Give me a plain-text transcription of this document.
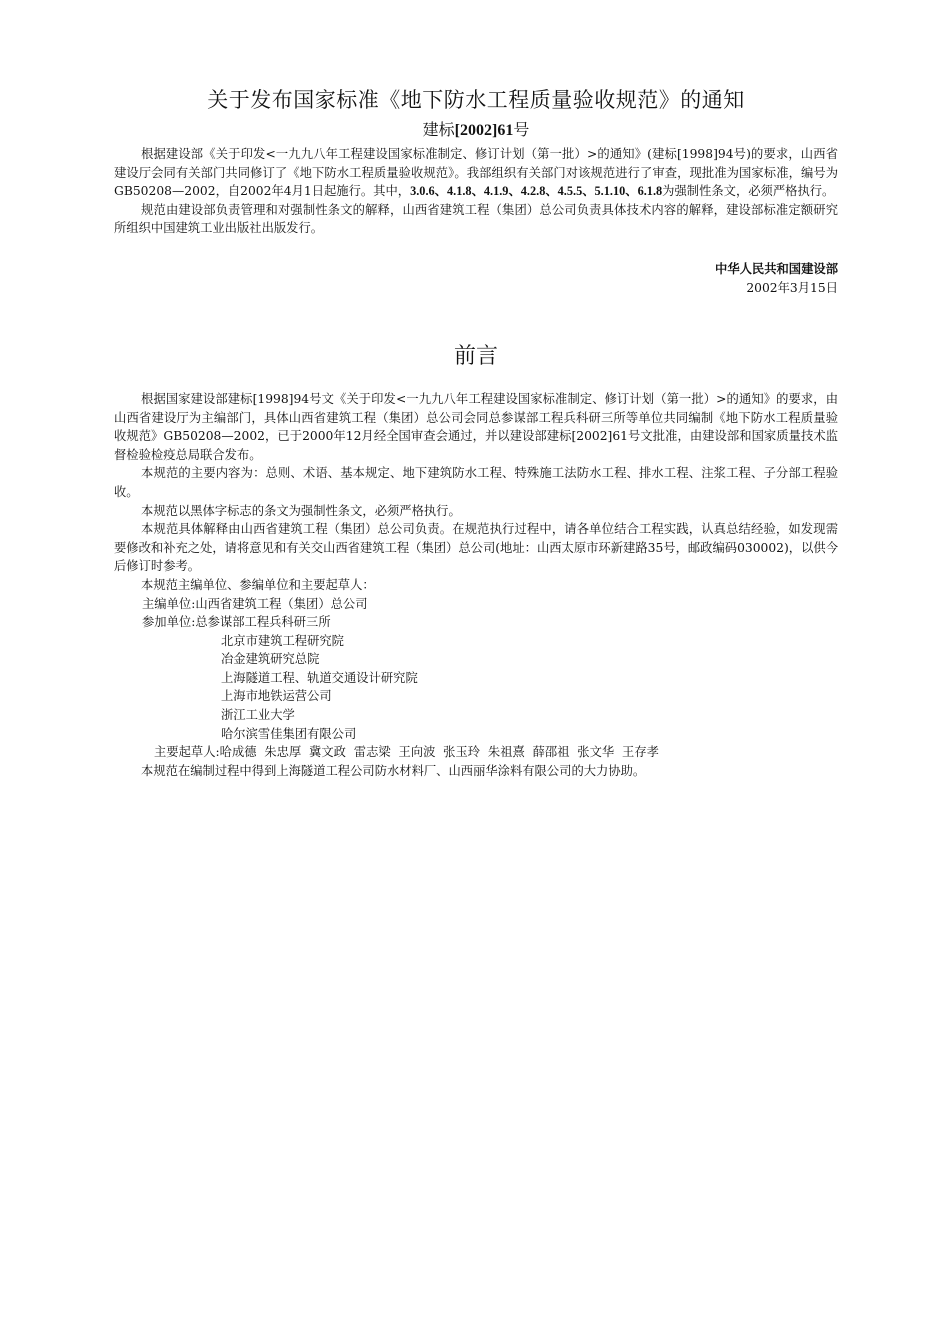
关于发布国家标准《地下防水工程质量验收规范》的通知
建标[2002]61号

根据建设部《关于印发<一九九八年工程建设国家标准制定、修订计划（第一批）>的通知》(建标[1998]94号)的要求，山西省建设厅会同有关部门共同修订了《地下防水工程质量验收规范》。我部组织有关部门对该规范进行了审查，现批准为国家标准，编号为GB50208—2002，自2002年4月1日起施行。其中，3.0.6、4.1.8、4.1.9、4.2.8、4.5.5、5.1.10、6.1.8为强制性条文，必须严格执行。

规范由建设部负责管理和对强制性条文的解释，山西省建筑工程（集团）总公司负责具体技术内容的解释，建设部标准定额研究所组织中国建筑工业出版社出版发行。

中华人民共和国建设部
2002年3月15日
前言

根据国家建设部建标[1998]94号文《关于印发<一九九八年工程建设国家标准制定、修订计划（第一批）>的通知》的要求，由山西省建设厅为主编部门，具体山西省建筑工程（集团）总公司会同总参谋部工程兵科研三所等单位共同编制《地下防水工程质量验收规范》GB50208—2002，已于2000年12月经全国审查会通过，并以建设部建标[2002]61号文批准，由建设部和国家质量技术监督检验检疫总局联合发布。

本规范的主要内容为：总则、术语、基本规定、地下建筑防水工程、特殊施工法防水工程、排水工程、注浆工程、子分部工程验收。

本规范以黑体字标志的条文为强制性条文，必须严格执行。

本规范具体解释由山西省建筑工程（集团）总公司负责。在规范执行过程中，请各单位结合工程实践，认真总结经验，如发现需要修改和补充之处，请将意见和有关交山西省建筑工程（集团）总公司(地址：山西太原市环新建路35号，邮政编码030002)，以供今后修订时参考。

本规范主编单位、参编单位和主要起草人：

主编单位:山西省建筑工程（集团）总公司
参加单位:总参谋部工程兵科研三所
北京市建筑工程研究院
冶金建筑研究总院
上海隧道工程、轨道交通设计研究院
上海市地铁运营公司
浙江工业大学
哈尔滨雪佳集团有限公司
主要起草人:哈成德  朱忠厚  冀文政  雷志梁  王向波  张玉玲  朱祖熹  薛邵祖  张文华  王存孝

本规范在编制过程中得到上海隧道工程公司防水材料厂、山西丽华涂料有限公司的大力协助。
